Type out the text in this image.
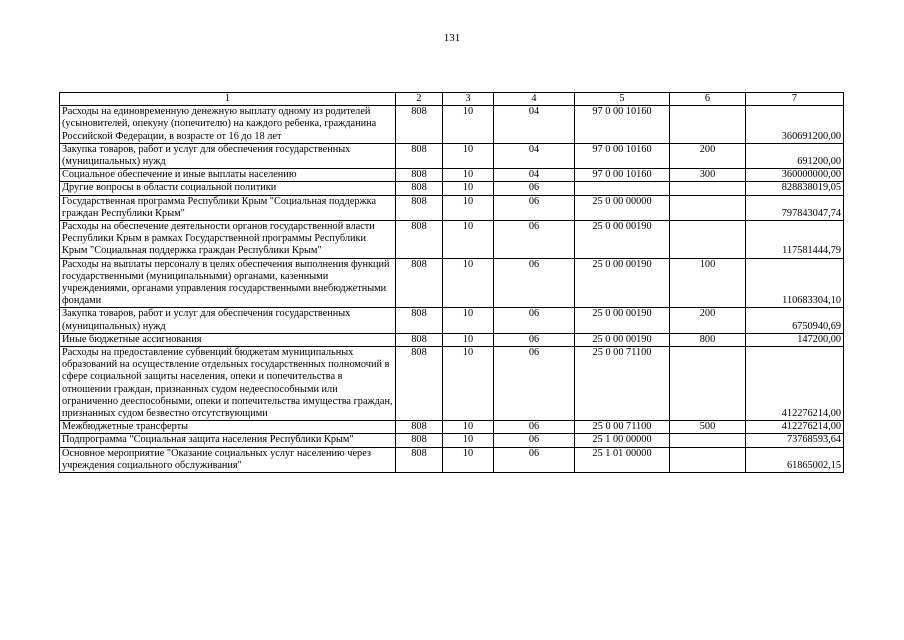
131
1	2	3	4	5	6	7
Расходы на единовременную денежную выплату одному из родителей (усыновителей, опекуну (попечителю) на каждого ребенка, гражданина Российской Федерации, в возрасте от 16 до 18 лет	808	10	04	97 0 00 10160		360691200,00
Закупка товаров, работ и услуг для обеспечения государственных (муниципальных) нужд	808	10	04	97 0 00 10160	200	691200,00
Социальное обеспечение и иные выплаты населению	808	10	04	97 0 00 10160	300	360000000,00
Другие вопросы в области социальной политики	808	10	06			828838019,05
Государственная программа Республики Крым "Социальная поддержка граждан Республики Крым"	808	10	06	25 0 00 00000		797843047,74
Расходы на обеспечение деятельности органов государственной власти Республики Крым в рамках Государственной программы Республики Крым "Социальная поддержка граждан Республики Крым"	808	10	06	25 0 00 00190		117581444,79
Расходы на выплаты персоналу в целях обеспечения выполнения функций государственными (муниципальными) органами, казенными учреждениями, органами управления государственными внебюджетными фондами	808	10	06	25 0 00 00190	100	110683304,10
Закупка товаров, работ и услуг для обеспечения государственных (муниципальных) нужд	808	10	06	25 0 00 00190	200	6750940,69
Иные бюджетные ассигнования	808	10	06	25 0 00 00190	800	147200,00
Расходы на предоставление субвенций бюджетам муниципальных образований на осуществление отдельных государственных полномочий в сфере социальной защиты населения, опеки и попечительства в отношении граждан, признанных судом недееспособными или ограниченно дееспособными, опеки и попечительства имущества граждан, признанных судом безвестно отсутствующими	808	10	06	25 0 00 71100		412276214,00
Межбюджетные трансферты	808	10	06	25 0 00 71100	500	412276214,00
Подпрограмма "Социальная защита населения Республики Крым"	808	10	06	25 1 00 00000		73768593,64
Основное мероприятие "Оказание социальных услуг населению через учреждения социального обслуживания"	808	10	06	25 1 01 00000		61865002,15
